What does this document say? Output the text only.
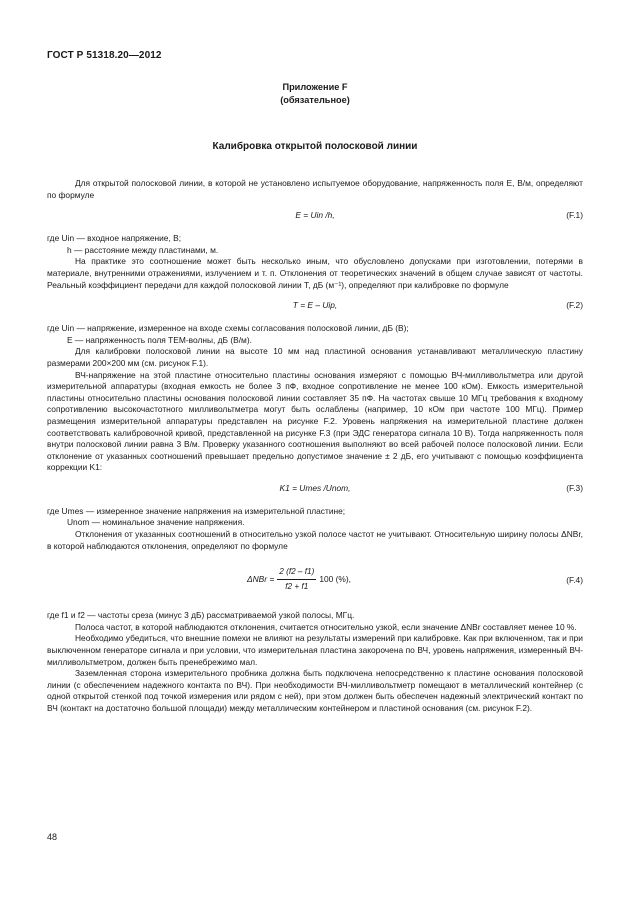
ГОСТ Р 51318.20—2012
Приложение F
(обязательное)
Калибровка открытой полосковой линии

Для открытой полосковой линии, в которой не установлено испытуемое оборудование, напряженность поля E, В/м, определяют по формуле

E = Uin /h,	(F.1)
где Uin — входное напряжение, В;
h — расстояние между пластинами, м.

На практике это соотношение может быть несколько иным, что обусловлено допусками при изготовлении, потерями в материале, внутренними отражениями, излучением и т. п. Отклонения от теоретических значений в общем случае зависят от частоты. Реальный коэффициент передачи для каждой полосковой линии T, дБ (м⁻¹), определяют при калибровке по формуле

T = E – Uip,	(F.2)
где Uin — напряжение, измеренное на входе схемы согласования полосковой линии, дБ (В);
E — напряженность поля ТЕМ-волны, дБ (В/м).

Для калибровки полосковой линии на высоте 10 мм над пластиной основания устанавливают металлическую пластину размерами 200×200 мм (см. рисунок F.1).

ВЧ-напряжение на этой пластине относительно пластины основания измеряют с помощью ВЧ-милливольтметра или другой измерительной аппаратуры (входная емкость не более 3 пФ, входное сопротивление не менее 100 кОм). Емкость измерительной пластины относительно пластины основания полосковой линии составляет 35 пФ. На частотах свыше 10 МГц требования к входному сопротивлению высокочастотного милливольтметра могут быть ослаблены (например, 10 кОм при частоте 100 МГц). Пример размещения измерительной аппаратуры представлен на рисунке F.2. Уровень напряжения на измерительной пластине должен соответствовать калибровочной кривой, представленной на рисунке F.3 (при ЭДС генератора сигнала 10 В). Тогда напряженность поля внутри полосковой линии равна 3 В/м. Проверку указанного соотношения выполняют во всей рабочей полосе полосковой линии. Если отклонение от указанных соотношений превышает предельно допустимое значение ± 2 дБ, его учитывают с помощью коэффициента коррекции K1:

K1 = Umes /Unom,	(F.3)
где Umes — измеренное значение напряжения на измерительной пластине;
Unom — номинальное значение напряжения.

Отклонения от указанных соотношений в относительно узкой полосе частот не учитывают. Относительную ширину полосы ΔNBr, в которой наблюдаются отклонения, определяют по формуле

$\Delta NBr = \frac{2 (f2 - f1)}{f2 + f1} 100$ (%),	(F.4)
где f1 и f2 — частоты среза (минус 3 дБ) рассматриваемой узкой полосы, МГц.

Полоса частот, в которой наблюдаются отклонения, считается относительно узкой, если значение ΔNBr составляет менее 10 %.

Необходимо убедиться, что внешние помехи не влияют на результаты измерений при калибровке. Как при включенном, так и при выключенном генераторе сигнала и при условии, что измерительная пластина закорочена по ВЧ, уровень напряжения, измеренный ВЧ-милливольтметром, должен быть пренебрежимо мал.

Заземленная сторона измерительного пробника должна быть подключена непосредственно к пластине основания полосковой линии (с обеспечением надежного контакта по ВЧ). При необходимости ВЧ-милливольтметр помещают в металлический контейнер (с одной открытой стенкой под точкой измерения или рядом с ней), при этом должен быть обеспечен надежный электрический контакт по ВЧ (контакт на достаточно большой площади) между металлическим контейнером и пластиной основания (см. рисунок F.2).

48
